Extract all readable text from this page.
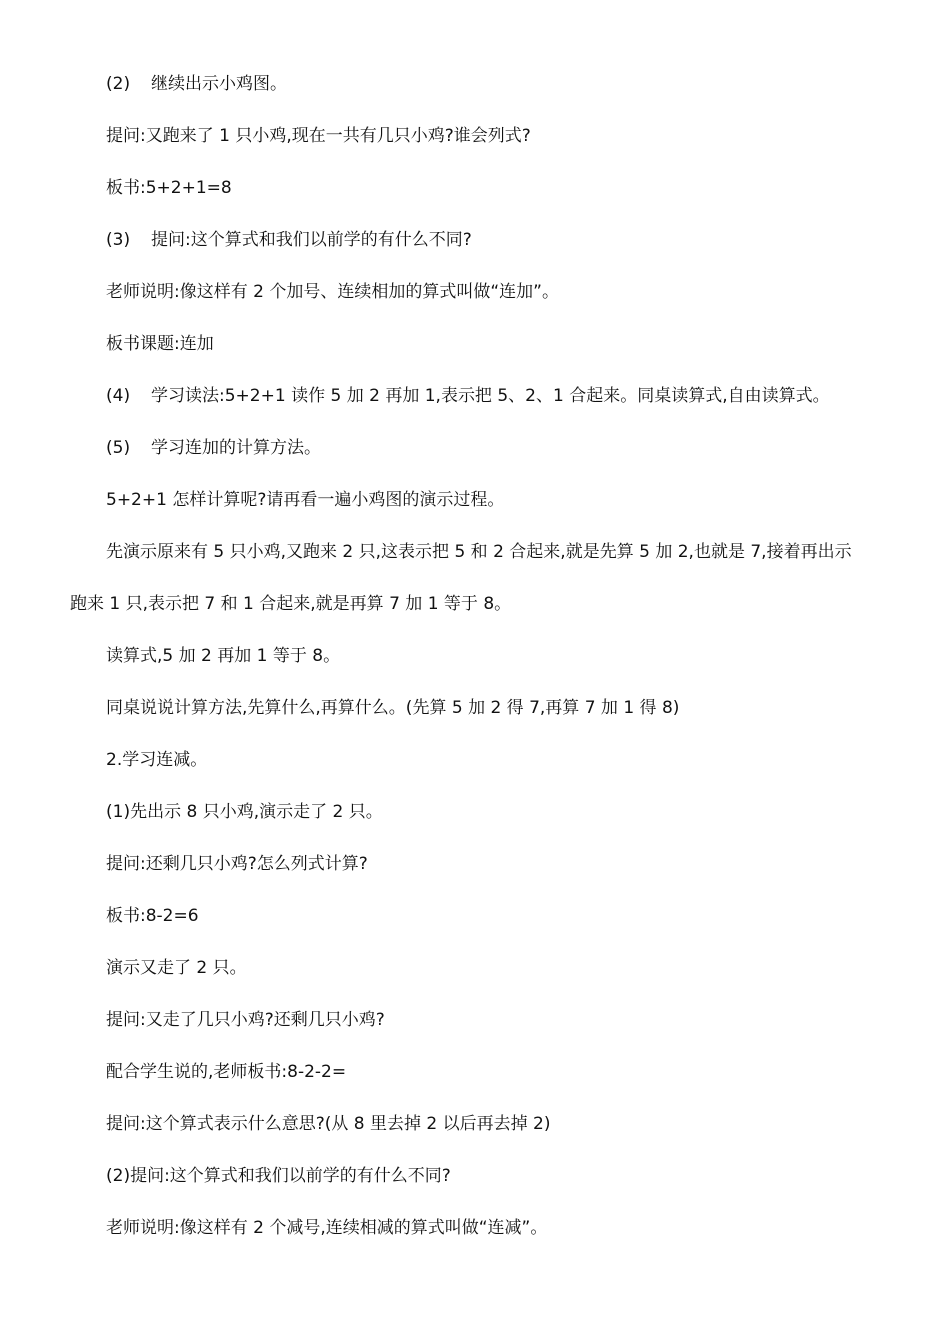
(2) 继续出示小鸡图。
提问:又跑来了 1 只小鸡,现在一共有几只小鸡?谁会列式?
板书:5+2+1=8
(3) 提问:这个算式和我们以前学的有什么不同?
老师说明:像这样有 2 个加号、连续相加的算式叫做“连加”。
板书课题:连加
(4) 学习读法:5+2+1 读作 5 加 2 再加 1,表示把 5、2、1 合起来。同桌读算式,自由读算式。
(5) 学习连加的计算方法。
5+2+1 怎样计算呢?请再看一遍小鸡图的演示过程。
先演示原来有 5 只小鸡,又跑来 2 只,这表示把 5 和 2 合起来,就是先算 5 加 2,也就是 7,接着再出示
跑来 1 只,表示把 7 和 1 合起来,就是再算 7 加 1 等于 8。
读算式,5 加 2 再加 1 等于 8。
同桌说说计算方法,先算什么,再算什么。(先算 5 加 2 得 7,再算 7 加 1 得 8)
2.学习连减。
(1)先出示 8 只小鸡,演示走了 2 只。
提问:还剩几只小鸡?怎么列式计算?
板书:8-2=6
演示又走了 2 只。
提问:又走了几只小鸡?还剩几只小鸡?
配合学生说的,老师板书:8-2-2=
提问:这个算式表示什么意思?(从 8 里去掉 2 以后再去掉 2)
(2)提问:这个算式和我们以前学的有什么不同?
老师说明:像这样有 2 个减号,连续相减的算式叫做“连减”。
